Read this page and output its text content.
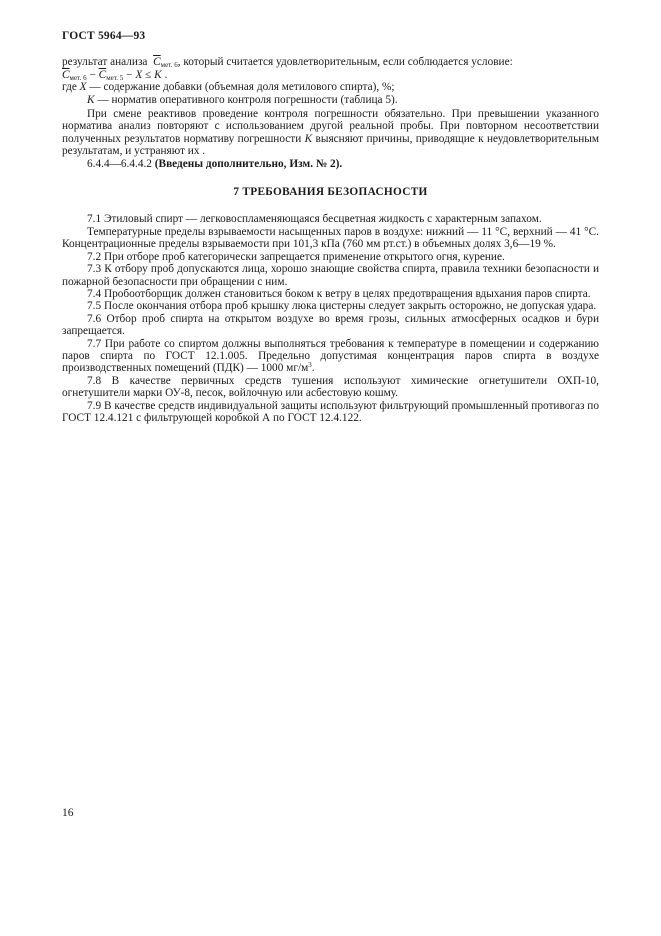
ГОСТ 5964—93

результат анализа $\overline{C}_{мет. 6}$, который считается удовлетворительным, если соблюдается условие:

$\overline{C}_{мет. 6} - \overline{C}_{мет. 5} - X \le K$ .

где X — содержание добавки (объемная доля метилового спирта), %;

K — норматив оперативного контроля погрешности (таблица 5).

При смене реактивов проведение контроля погрешности обязательно. При превышении указанного норматива анализ повторяют с использованием другой реальной пробы. При повторном несоответствии полученных результатов нормативу погрешности K выясняют причины, приводящие к неудовлетворительным результатам, и устраняют их .

6.4.4—6.4.4.2 (Введены дополнительно, Изм. № 2).

7 ТРЕБОВАНИЯ БЕЗОПАСНОСТИ

7.1 Этиловый спирт — легковоспламеняющаяся бесцветная жидкость с характерным запахом.

Температурные пределы взрываемости насыщенных паров в воздухе: нижний — 11 °С, верхний — 41 °С. Концентрационные пределы взрываемости при 101,3 кПа (760 мм рт.ст.) в объемных долях 3,6—19 %.

7.2 При отборе проб категорически запрещается применение открытого огня, курение.

7.3 К отбору проб допускаются лица, хорошо знающие свойства спирта, правила техники безопасности и пожарной безопасности при обращении с ним.

7.4 Пробоотборщик должен становиться боком к ветру в целях предотвращения вдыхания паров спирта.

7.5 После окончания отбора проб крышку люка цистерны следует закрыть осторожно, не допуская удара.

7.6 Отбор проб спирта на открытом воздухе во время грозы, сильных атмосферных осадков и бури запрещается.

7.7 При работе со спиртом должны выполняться требования к температуре в помещении и содержанию паров спирта по ГОСТ 12.1.005. Предельно допустимая концентрация паров спирта в воздухе производственных помещений (ПДК) — 1000 $мг/м^3$.

7.8 В качестве первичных средств тушения используют химические огнетушители ОХП-10, огнетушители марки ОУ-8, песок, войлочную или асбестовую кошму.

7.9 В качестве средств индивидуальной защиты используют фильтрующий промышленный противогаз по ГОСТ 12.4.121 с фильтрующей коробкой А по ГОСТ 12.4.122.

16
